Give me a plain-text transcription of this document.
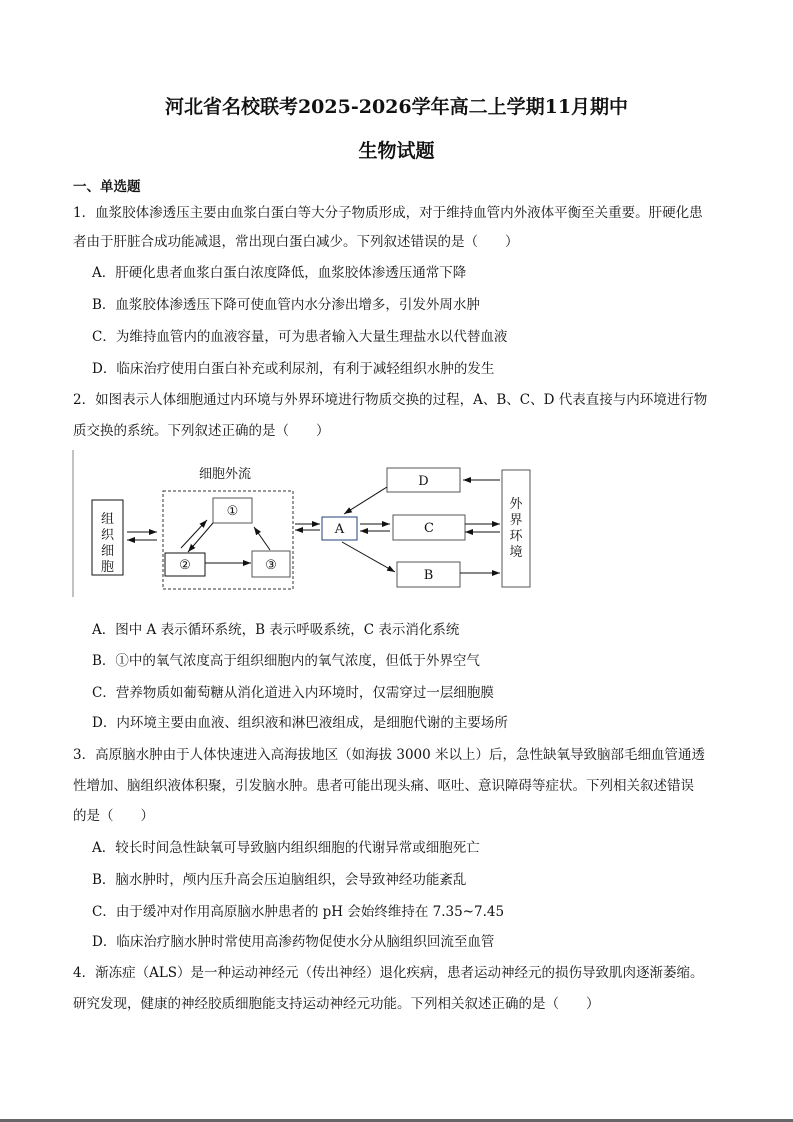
河北省名校联考2025-2026学年高二上学期11月期中
生物试题
一、单选题
1．血浆胶体渗透压主要由血浆白蛋白等大分子物质形成，对于维持血管内外液体平衡至关重要。肝硬化患
者由于肝脏合成功能减退，常出现白蛋白减少。下列叙述错误的是（　　）
A．肝硬化患者血浆白蛋白浓度降低，血浆胶体渗透压通常下降
B．血浆胶体渗透压下降可使血管内水分渗出增多，引发外周水肿
C．为维持血管内的血液容量，可为患者输入大量生理盐水以代替血液
D．临床治疗使用白蛋白补充或利尿剂，有利于减轻组织水肿的发生
2．如图表示人体细胞通过内环境与外界环境进行物质交换的过程，A、B、C、D 代表直接与内环境进行物
质交换的系统。下列叙述正确的是（　　）
细胞外流
组
织
细
胞
①
②	③
A	C
D
B
外
界
环
境
A．图中 A 表示循环系统，B 表示呼吸系统，C 表示消化系统
B．①中的氧气浓度高于组织细胞内的氧气浓度，但低于外界空气
C．营养物质如葡萄糖从消化道进入内环境时，仅需穿过一层细胞膜
D．内环境主要由血液、组织液和淋巴液组成，是细胞代谢的主要场所
3．高原脑水肿由于人体快速进入高海拔地区（如海拔 3000 米以上）后，急性缺氧导致脑部毛细血管通透
性增加、脑组织液体积聚，引发脑水肿。患者可能出现头痛、呕吐、意识障碍等症状。下列相关叙述错误
的是（　　）
A．较长时间急性缺氧可导致脑内组织细胞的代谢异常或细胞死亡
B．脑水肿时，颅内压升高会压迫脑组织，会导致神经功能紊乱
C．由于缓冲对作用高原脑水肿患者的 pH 会始终维持在 7.35~7.45
D．临床治疗脑水肿时常使用高渗药物促使水分从脑组织回流至血管
4．渐冻症（ALS）是一种运动神经元（传出神经）退化疾病，患者运动神经元的损伤导致肌肉逐渐萎缩。
研究发现，健康的神经胶质细胞能支持运动神经元功能。下列相关叙述正确的是（　　）
